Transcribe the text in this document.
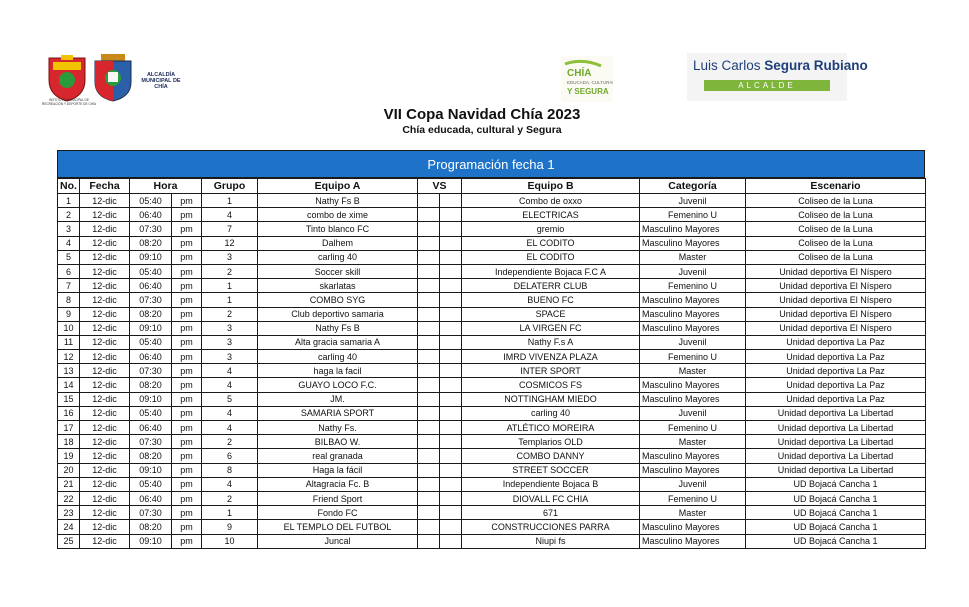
ALCALDÍA MUNICIPAL DE CHÍA
INSTITUTO MUNICIPAL DE RECREACIÓN Y DEPORTE DE CHÍA
CHÍA
EDUCADA, CULTURAL
Y SEGURA
Luis Carlos Segura Rubiano
ALCALDE
VII Copa Navidad Chía 2023
Chía educada, cultural y Segura
Programación fecha 1
No.	Fecha	Hora		Grupo	Equipo A	VS		Equipo B	Categoría	Escenario
1	12-dic	05:40	pm	1	Nathy Fs B			Combo de oxxo	Juvenil	Coliseo de la Luna
2	12-dic	06:40	pm	4	combo de xime			ELECTRICAS	Femenino U	Coliseo de la Luna
3	12-dic	07:30	pm	7	Tinto blanco FC			gremio	Masculino Mayores	Coliseo de la Luna
4	12-dic	08:20	pm	12	Dalhem			EL CODITO	Masculino Mayores	Coliseo de la Luna
5	12-dic	09:10	pm	3	carling 40			EL CODITO	Master	Coliseo de la Luna
6	12-dic	05:40	pm	2	Soccer skill			Independiente Bojaca F.C A	Juvenil	Unidad deportiva El Níspero
7	12-dic	06:40	pm	1	skarlatas			DELATERR CLUB	Femenino U	Unidad deportiva El Níspero
8	12-dic	07:30	pm	1	COMBO SYG			BUENO FC	Masculino Mayores	Unidad deportiva El Níspero
9	12-dic	08:20	pm	2	Club deportivo samaria			SPACE	Masculino Mayores	Unidad deportiva El Níspero
10	12-dic	09:10	pm	3	Nathy Fs B			LA VIRGEN FC	Masculino Mayores	Unidad deportiva El Níspero
11	12-dic	05:40	pm	3	Alta gracia samaria A			Nathy F.s A	Juvenil	Unidad deportiva La Paz
12	12-dic	06:40	pm	3	carling 40			IMRD VIVENZA PLAZA	Femenino U	Unidad deportiva La Paz
13	12-dic	07:30	pm	4	haga la facil			INTER SPORT	Master	Unidad deportiva La Paz
14	12-dic	08:20	pm	4	GUAYO LOCO F.C.			COSMICOS FS	Masculino Mayores	Unidad deportiva La Paz
15	12-dic	09:10	pm	5	JM.			NOTTINGHAM MIEDO	Masculino Mayores	Unidad deportiva La Paz
16	12-dic	05:40	pm	4	SAMARIA SPORT			carling 40	Juvenil	Unidad deportiva La Libertad
17	12-dic	06:40	pm	4	Nathy Fs.			ATLÉTICO MOREIRA	Femenino U	Unidad deportiva La Libertad
18	12-dic	07:30	pm	2	BILBAO W.			Templarios OLD	Master	Unidad deportiva La Libertad
19	12-dic	08:20	pm	6	real granada			COMBO DANNY	Masculino Mayores	Unidad deportiva La Libertad
20	12-dic	09:10	pm	8	Haga la fácil			STREET SOCCER	Masculino Mayores	Unidad deportiva La Libertad
21	12-dic	05:40	pm	4	Altagracia Fc. B			Independiente Bojaca B	Juvenil	UD Bojacá Cancha 1
22	12-dic	06:40	pm	2	Friend Sport			DIOVALL FC CHIA	Femenino U	UD Bojacá Cancha 1
23	12-dic	07:30	pm	1	Fondo FC			671	Master	UD Bojacá Cancha 1
24	12-dic	08:20	pm	9	EL TEMPLO DEL FUTBOL			CONSTRUCCIONES PARRA	Masculino Mayores	UD Bojacá Cancha 1
25	12-dic	09:10	pm	10	Juncal			Niupi fs	Masculino Mayores	UD Bojacá Cancha 1
